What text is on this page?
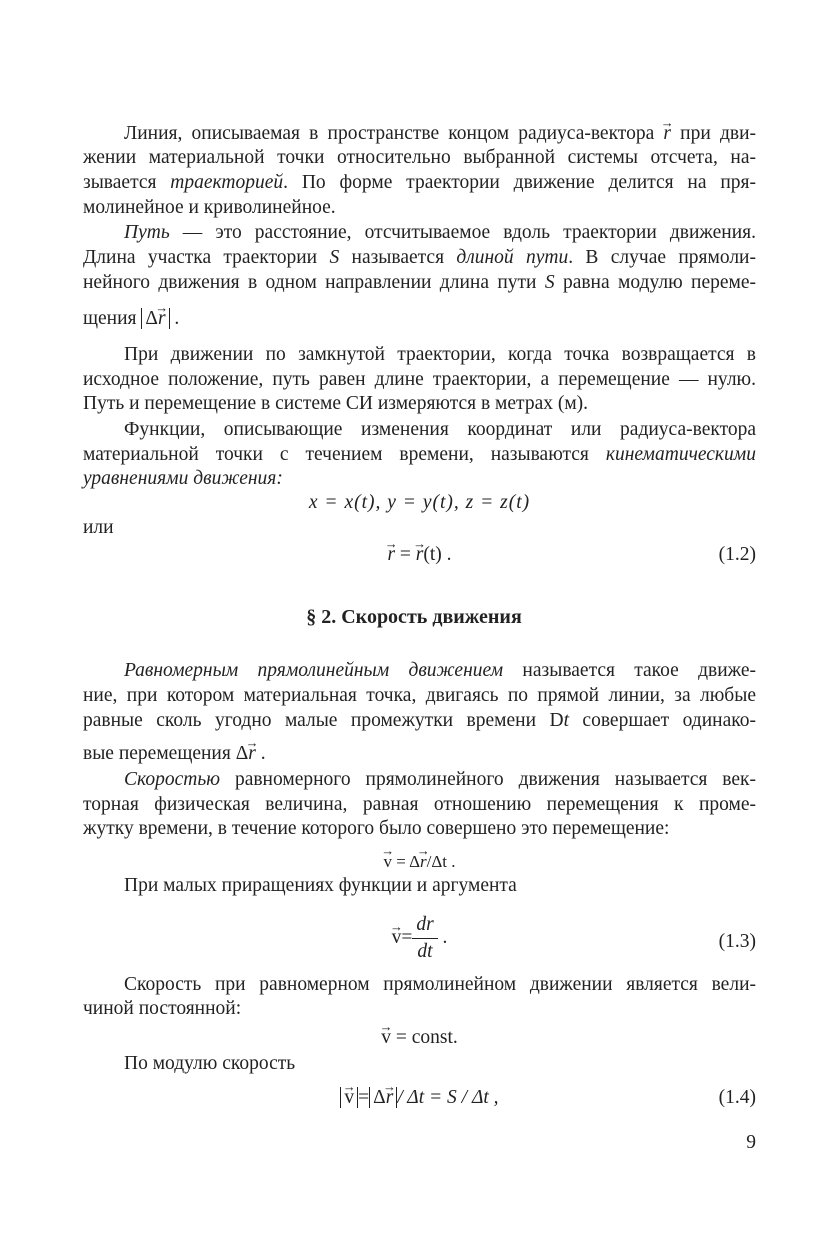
Линия, описываемая в пространстве концом радиуса-вектора → r при дви-
жении материальной точки относительно выбранной системы отсчета, на-
зывается траекторией. По форме траектории движение делится на пря-
молинейное и криволинейное.
Путь — это расстояние, отсчитываемое вдоль траектории движения.
Длина участка траектории S называется длиной пути. В случае прямоли-
нейного движения в одном направлении длина пути S равна модулю переме-
щения Δ→ r .
При движении по замкнутой траектории, когда точка возвращается в
исходное положение, путь равен длине траектории, а перемещение — нулю.
Путь и перемещение в системе СИ измеряются в метрах (м).
Функции, описывающие изменения координат или радиуса-вектора
материальной точки с течением времени, называются кинематическими
уравнениями движения:
x = x(t), y = y(t), z = z(t)
или
→ r = → r(t) .	(1.2)
§ 2. Скорость движения
Равномерным прямолинейным движением называется такое движе-
ние, при котором материальная точка, двигаясь по прямой линии, за любые
равные сколь угодно малые промежутки времени Dt совершает одинако-
вые перемещения Δ→ r .
Скоростью равномерного прямолинейного движения называется век-
торная физическая величина, равная отношению перемещения к проме-
жутку времени, в течение которого было совершено это перемещение:
→ v = Δ→ r/Δt .
При малых приращениях функции и аргумента
→ $v= \frac{dr}{dt}$ .	(1.3)
Скорость при равномерном прямолинейном движении является вели-
чиной постоянной:
→ v = const.
По модулю скорость
→ v = Δ→ r / Δt = S / Δt ,	(1.4)
9
